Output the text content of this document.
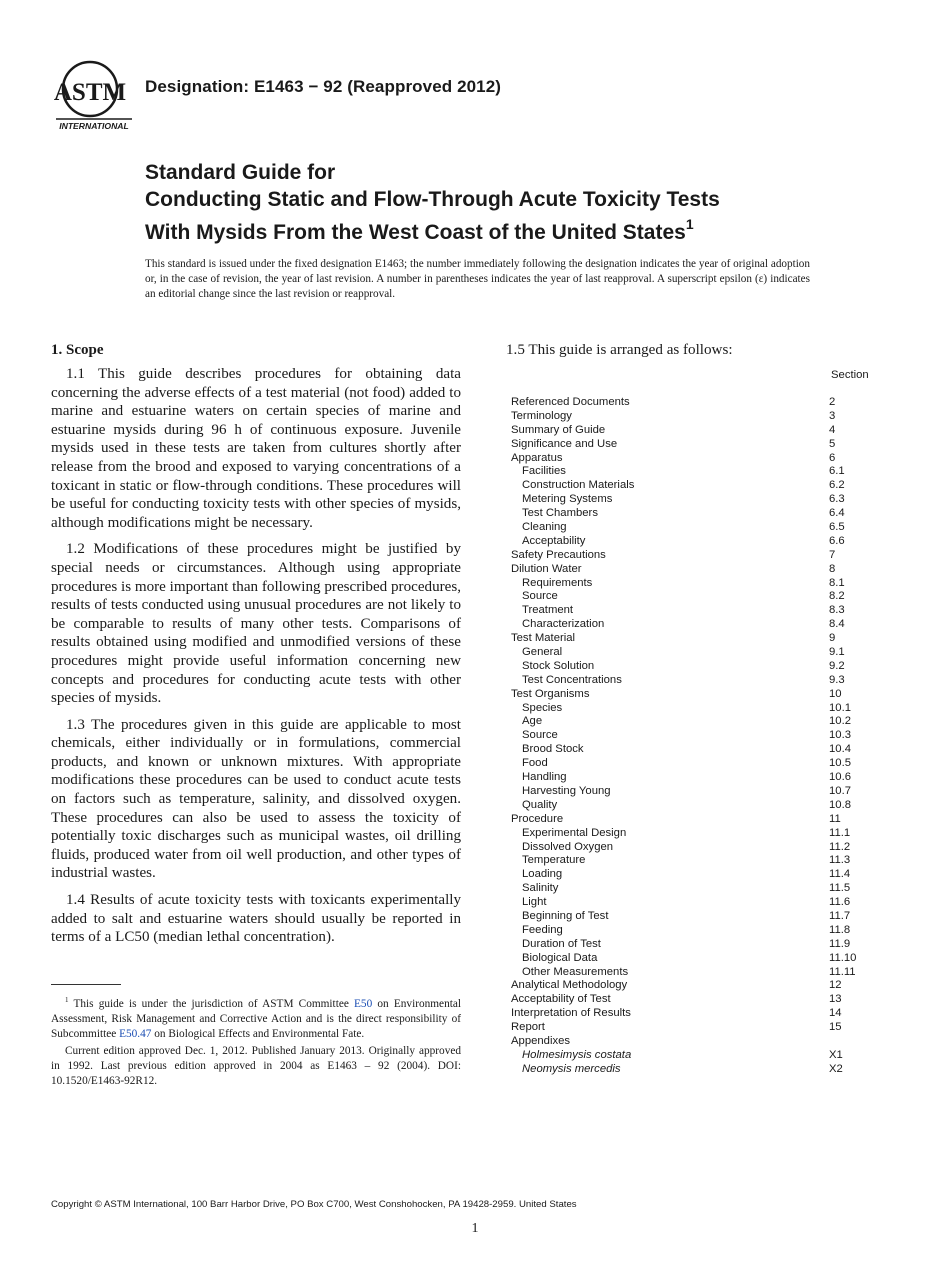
ASTM
INTERNATIONAL
Designation: E1463 − 92 (Reapproved 2012)
Standard Guide for
Conducting Static and Flow-Through Acute Toxicity Tests
With Mysids From the West Coast of the United States$^1$
This standard is issued under the fixed designation E1463; the number immediately following the designation indicates the year of original adoption or, in the case of revision, the year of last revision. A number in parentheses indicates the year of last reapproval. A superscript epsilon (ε) indicates an editorial change since the last revision or reapproval.
1. Scope

1.1 This guide describes procedures for obtaining data concerning the adverse effects of a test material (not food) added to marine and estuarine waters on certain species of marine and estuarine mysids during 96 h of continuous exposure. Juvenile mysids used in these tests are taken from cultures shortly after release from the brood and exposed to varying concentrations of a toxicant in static or flow-through conditions. These procedures will be useful for conducting toxicity tests with other species of mysids, although modifications might be necessary.

1.2 Modifications of these procedures might be justified by special needs or circumstances. Although using appropriate procedures is more important than following prescribed procedures, results of tests conducted using unusual procedures are not likely to be comparable to results of many other tests. Comparisons of results obtained using modified and unmodified versions of these procedures might provide useful information concerning new concepts and procedures for conducting acute tests with other species of mysids.

1.3 The procedures given in this guide are applicable to most chemicals, either individually or in formulations, commercial products, and known or unknown mixtures. With appropriate modifications these procedures can be used to conduct acute tests on factors such as temperature, salinity, and dissolved oxygen. These procedures can also be used to assess the toxicity of potentially toxic discharges such as municipal wastes, oil drilling fluids, produced water from oil well production, and other types of industrial wastes.

1.4 Results of acute toxicity tests with toxicants experimentally added to salt and estuarine waters should usually be reported in terms of a LC50 (median lethal concentration).

$^1$ This guide is under the jurisdiction of ASTM Committee E50 on Environmental Assessment, Risk Management and Corrective Action and is the direct responsibility of Subcommittee E50.47 on Biological Effects and Environmental Fate.

Current edition approved Dec. 1, 2012. Published January 2013. Originally approved in 1992. Last previous edition approved in 2004 as E1463 – 92 (2004). DOI: 10.1520/E1463-92R12.

1.5 This guide is arranged as follows:
Section
Referenced Documents	2
Terminology	3
Summary of Guide	4
Significance and Use	5
Apparatus	6
Facilities	6.1
Construction Materials	6.2
Metering Systems	6.3
Test Chambers	6.4
Cleaning	6.5
Acceptability	6.6
Safety Precautions	7
Dilution Water	8
Requirements	8.1
Source	8.2
Treatment	8.3
Characterization	8.4
Test Material	9
General	9.1
Stock Solution	9.2
Test Concentrations	9.3
Test Organisms	10
Species	10.1
Age	10.2
Source	10.3
Brood Stock	10.4
Food	10.5
Handling	10.6
Harvesting Young	10.7
Quality	10.8
Procedure	11
Experimental Design	11.1
Dissolved Oxygen	11.2
Temperature	11.3
Loading	11.4
Salinity	11.5
Light	11.6
Beginning of Test	11.7
Feeding	11.8
Duration of Test	11.9
Biological Data	11.10
Other Measurements	11.11
Analytical Methodology	12
Acceptability of Test	13
Interpretation of Results	14
Report	15
Appendixes
Holmesimysis costata	X1
Neomysis mercedis	X2
Copyright © ASTM International, 100 Barr Harbor Drive, PO Box C700, West Conshohocken, PA 19428-2959. United States
1
